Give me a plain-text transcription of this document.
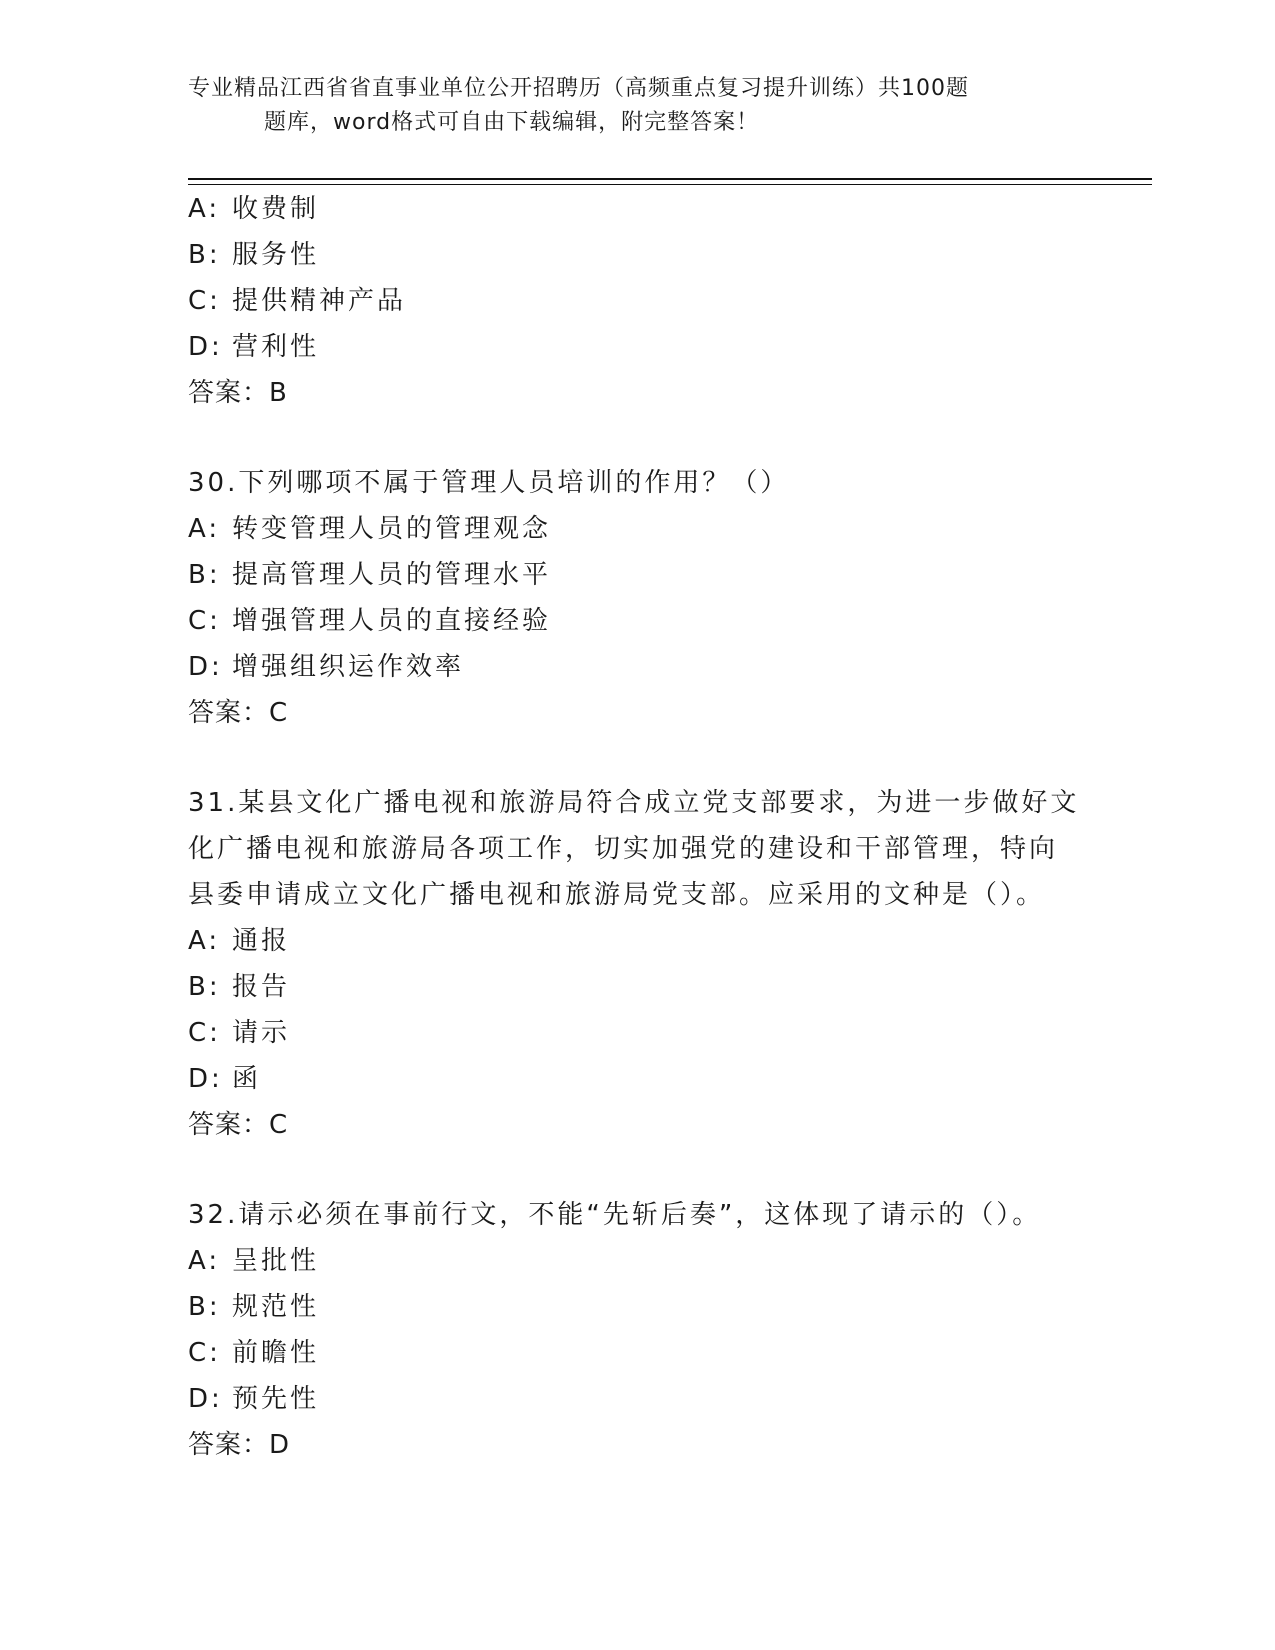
专业精品江西省省直事业单位公开招聘历（高频重点复习提升训练）共100题
题库，word格式可自由下载编辑，附完整答案！
A: 收费制
B: 服务性
C: 提供精神产品
D: 营利性
答案：B
30.下列哪项不属于管理人员培训的作用？（）
A: 转变管理人员的管理观念
B: 提高管理人员的管理水平
C: 增强管理人员的直接经验
D: 增强组织运作效率
答案：C
31.某县文化广播电视和旅游局符合成立党支部要求，为进一步做好文
化广播电视和旅游局各项工作，切实加强党的建设和干部管理，特向
县委申请成立文化广播电视和旅游局党支部。应采用的文种是（）。
A: 通报
B: 报告
C: 请示
D: 函
答案：C
32.请示必须在事前行文，不能“先斩后奏”，这体现了请示的（）。
A: 呈批性
B: 规范性
C: 前瞻性
D: 预先性
答案：D
